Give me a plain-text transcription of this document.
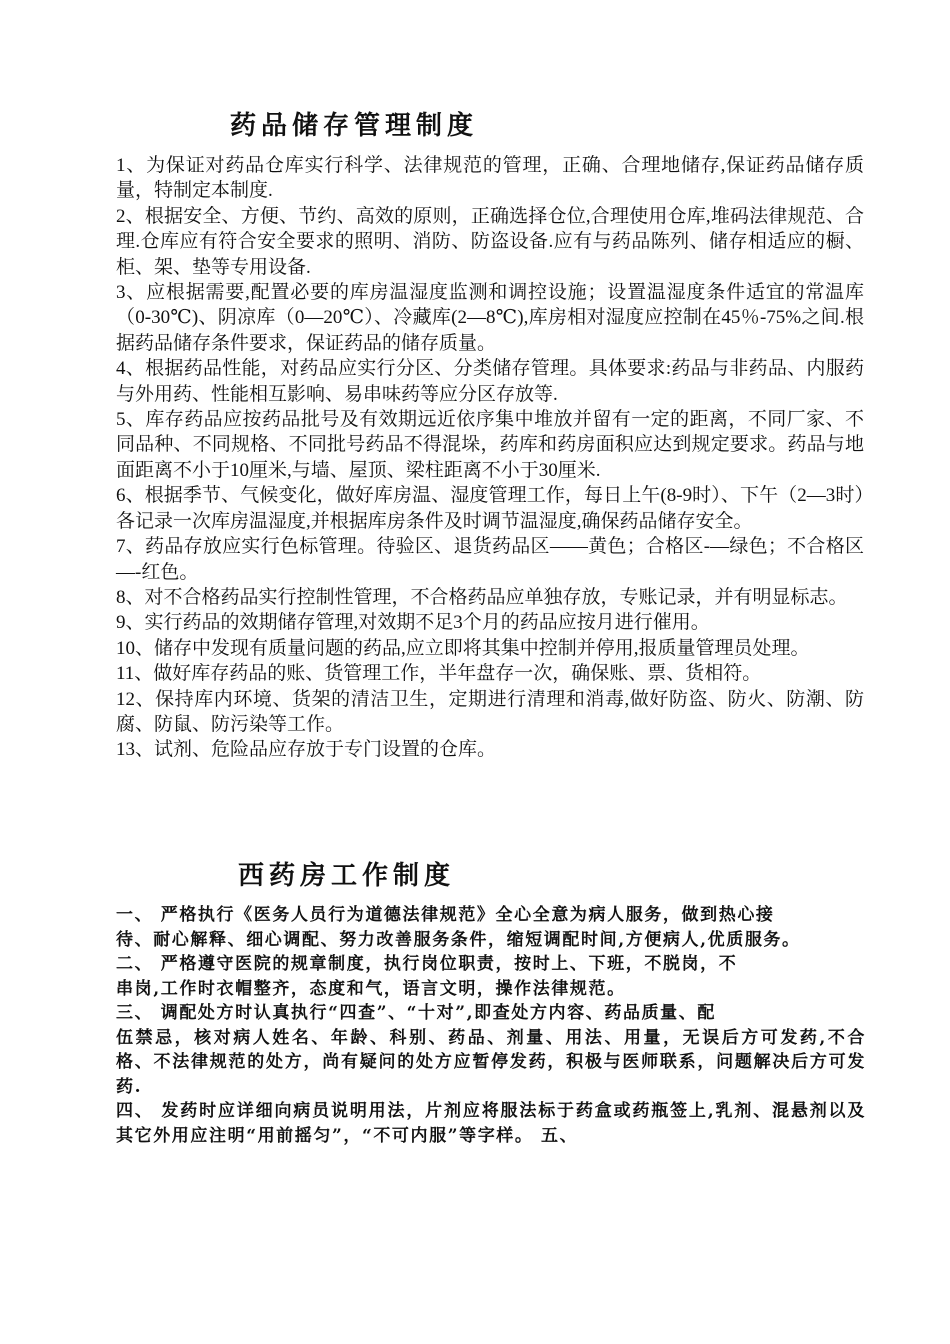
药品储存管理制度

1、为保证对药品仓库实行科学、法律规范的管理，正确、合理地储存,保证药品储存质量，特制定本制度.

2、根据安全、方便、节约、高效的原则，正确选择仓位,合理使用仓库,堆码法律规范、合理.仓库应有符合安全要求的照明、消防、防盗设备.应有与药品陈列、储存相适应的橱、柜、架、垫等专用设备.

3、应根据需要,配置必要的库房温湿度监测和调控设施；设置温湿度条件适宜的常温库（0-30℃)、阴凉库（0—20℃）、冷藏库(2—8℃),库房相对湿度应控制在45％-75%之间.根据药品储存条件要求，保证药品的储存质量。

4、根据药品性能，对药品应实行分区、分类储存管理。具体要求:药品与非药品、内服药与外用药、性能相互影响、易串味药等应分区存放等.

5、库存药品应按药品批号及有效期远近依序集中堆放并留有一定的距离，不同厂家、不同品种、不同规格、不同批号药品不得混垛，药库和药房面积应达到规定要求。药品与地面距离不小于10厘米,与墙、屋顶、梁柱距离不小于30厘米.

6、根据季节、气候变化，做好库房温、湿度管理工作，每日上午(8-9时）、下午（2—3时）各记录一次库房温湿度,并根据库房条件及时调节温湿度,确保药品储存安全。

7、药品存放应实行色标管理。待验区、退货药品区——黄色；合格区-—绿色；不合格区—-红色。

8、对不合格药品实行控制性管理，不合格药品应单独存放，专账记录，并有明显标志。

9、实行药品的效期储存管理,对效期不足3个月的药品应按月进行催用。

10、储存中发现有质量问题的药品,应立即将其集中控制并停用,报质量管理员处理。

11、做好库存药品的账、货管理工作，半年盘存一次，确保账、票、货相符。

12、保持库内环境、货架的清洁卫生，定期进行清理和消毒,做好防盗、防火、防潮、防腐、防鼠、防污染等工作。

13、试剂、危险品应存放于专门设置的仓库。

西药房工作制度

一、 严格执行《医务人员行为道德法律规范》全心全意为病人服务，做到热心接

待、耐心解释、细心调配、努力改善服务条件，缩短调配时间,方便病人,优质服务。

二、 严格遵守医院的规章制度，执行岗位职责，按时上、下班，不脱岗，不

串岗,工作时衣帽整齐，态度和气，语言文明，操作法律规范。

三、 调配处方时认真执行“四查”、“十对”,即查处方内容、药品质量、配

伍禁忌，核对病人姓名、年龄、科别、药品、剂量、用法、用量，无误后方可发药,不合格、不法律规范的处方，尚有疑问的处方应暂停发药，积极与医师联系，问题解决后方可发药.

四、 发药时应详细向病员说明用法，片剂应将服法标于药盒或药瓶签上,乳剂、混悬剂以及其它外用应注明“用前摇匀”，“不可内服”等字样。 五、
